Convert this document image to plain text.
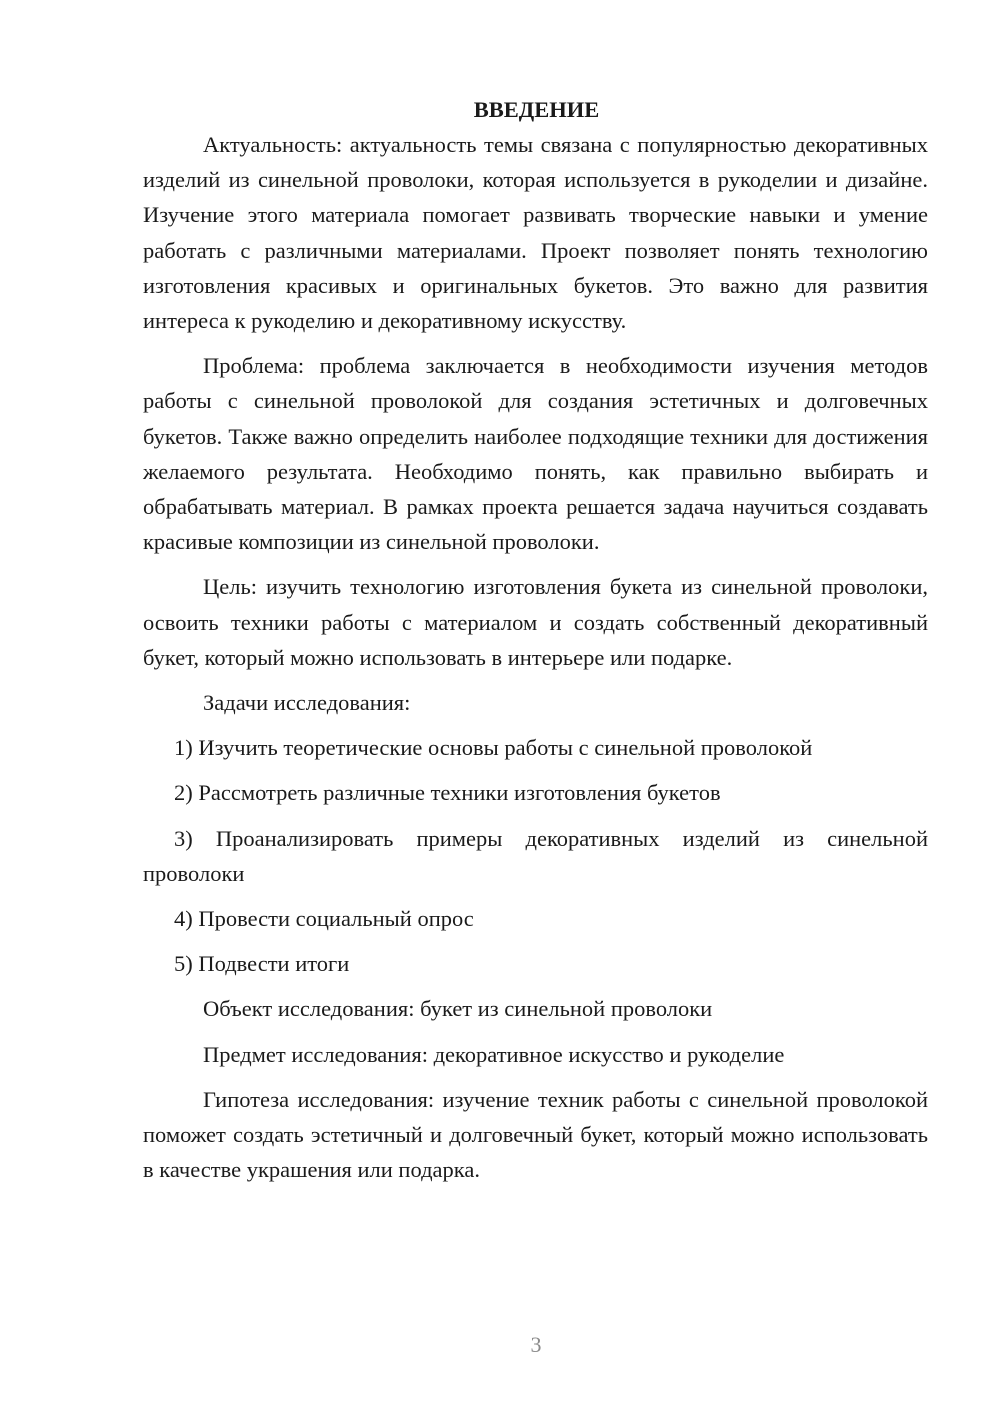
ВВЕДЕНИЕ

Актуальность: актуальность темы связана с популярностью декоративных изделий из синельной проволоки, которая используется в рукоделии и дизайне. Изучение этого материала помогает развивать творческие навыки и умение работать с различными материалами. Проект позволяет понять технологию изготовления красивых и оригинальных букетов. Это важно для развития интереса к рукоделию и декоративному искусству.

Проблема: проблема заключается в необходимости изучения методов работы с синельной проволокой для создания эстетичных и долговечных букетов. Также важно определить наиболее подходящие техники для достижения желаемого результата. Необходимо понять, как правильно выбирать и обрабатывать материал. В рамках проекта решается задача научиться создавать красивые композиции из синельной проволоки.

Цель: изучить технологию изготовления букета из синельной проволоки, освоить техники работы с материалом и создать собственный декоративный букет, который можно использовать в интерьере или подарке.

Задачи исследования:

1) Изучить теоретические основы работы с синельной проволокой

2) Рассмотреть различные техники изготовления букетов

3) Проанализировать примеры декоративных изделий из синельной проволоки

4) Провести социальный опрос

5) Подвести итоги

Объект исследования: букет из синельной проволоки

Предмет исследования: декоративное искусство и рукоделие

Гипотеза исследования: изучение техник работы с синельной проволокой поможет создать эстетичный и долговечный букет, который можно использовать в качестве украшения или подарка.

3
